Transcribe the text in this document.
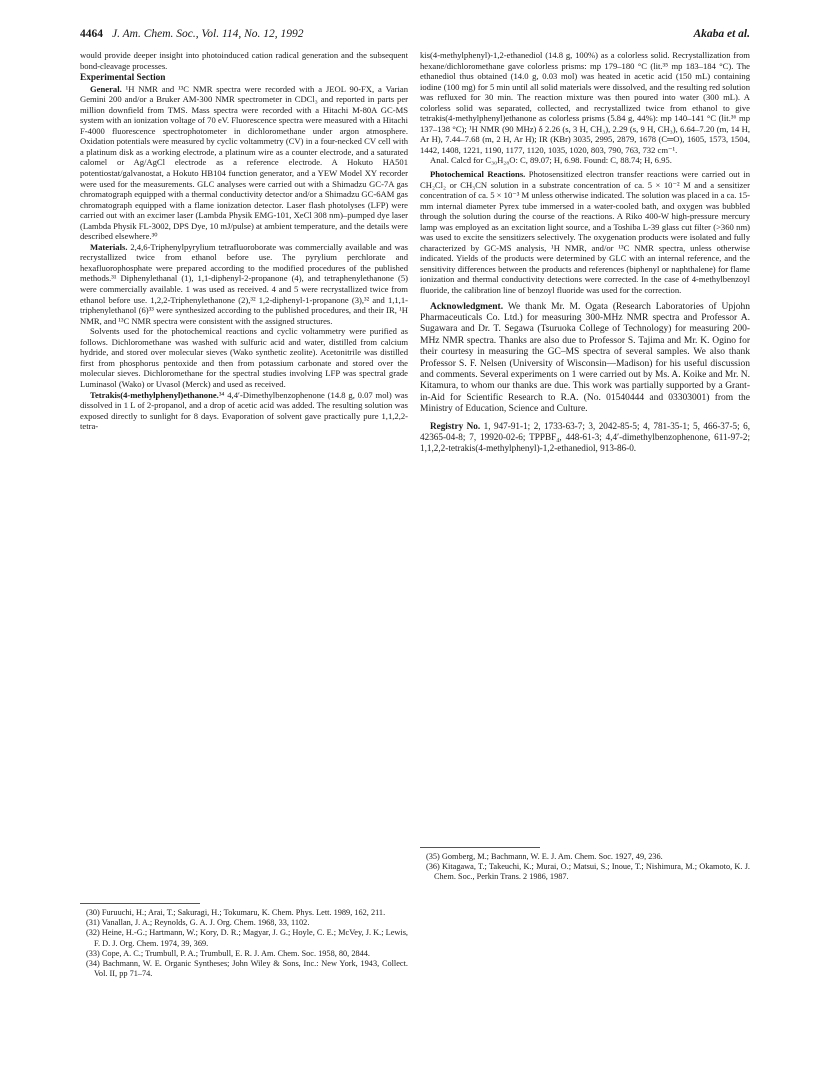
4464 J. Am. Chem. Soc., Vol. 114, No. 12, 1992	Akaba et al.

would provide deeper insight into photoinduced cation radical generation and the subsequent bond-cleavage processes.

Experimental Section

General. ¹H NMR and ¹³C NMR spectra were recorded with a JEOL 90-FX, a Varian Gemini 200 and/or a Bruker AM-300 NMR spectrometer in CDCl₃ and reported in parts per million downfield from TMS. Mass spectra were recorded with a Hitachi M-80A GC-MS system with an ionization voltage of 70 eV. Fluorescence spectra were measured with a Hitachi F-4000 fluorescence spectrophotometer in dichloromethane under argon atmosphere. Oxidation potentials were measured by cyclic voltammetry (CV) in a four-necked CV cell with a platinum disk as a working electrode, a platinum wire as a counter electrode, and a saturated calomel or Ag/AgCl electrode as a reference electrode. A Hokuto HA501 potentiostat/galvanostat, a Hokuto HB104 function generator, and a YEW Model XY recorder were used for the measurements. GLC analyses were carried out with a Shimadzu GC-7A gas chromatograph equipped with a thermal conductivity detector and/or a Shimadzu GC-6AM gas chromatograph equipped with a flame ionization detector. Laser flash photolyses (LFP) were carried out with an excimer laser (Lambda Physik EMG-101, XeCl 308 nm)–pumped dye laser (Lambda Physik FL-3002, DPS Dye, 10 mJ/pulse) at ambient temperature, and the details were described elsewhere.³⁰

Materials. 2,4,6-Triphenylpyrylium tetrafluoroborate was commercially available and was recrystallized twice from ethanol before use. The pyrylium perchlorate and hexafluorophosphate were prepared according to the modified procedures of the published methods.³¹ Diphenylethanal (1), 1,1-diphenyl-2-propanone (4), and tetraphenylethanone (5) were commercially available. 1 was used as received. 4 and 5 were recrystallized twice from ethanol before use. 1,2,2-Triphenylethanone (2),³² 1,2-diphenyl-1-propanone (3),³² and 1,1,1-triphenylethanol (6)³³ were synthesized according to the published procedures, and their IR, ¹H NMR, and ¹³C NMR spectra were consistent with the assigned structures.

Solvents used for the photochemical reactions and cyclic voltammetry were purified as follows. Dichloromethane was washed with sulfuric acid and water, distilled from calcium hydride, and stored over molecular sieves (Wako synthetic zeolite). Acetonitrile was distilled first from phosphorus pentoxide and then from potassium carbonate and stored over the molecular sieves. Dichloromethane for the spectral studies involving LFP was spectral grade Luminasol (Wako) or Uvasol (Merck) and used as received.

Tetrakis(4-methylphenyl)ethanone.³⁴ 4,4′-Dimethylbenzophenone (14.8 g, 0.07 mol) was dissolved in 1 L of 2-propanol, and a drop of acetic acid was added. The resulting solution was exposed directly to sunlight for 8 days. Evaporation of solvent gave practically pure 1,1,2,2-tetra-

kis(4-methylphenyl)-1,2-ethanediol (14.8 g, 100%) as a colorless solid. Recrystallization from hexane/dichloromethane gave colorless prisms: mp 179–180 °C (lit.³⁵ mp 183–184 °C). The ethanediol thus obtained (14.0 g, 0.03 mol) was heated in acetic acid (150 mL) containing iodine (100 mg) for 5 min until all solid materials were dissolved, and the resulting red solution was refluxed for 30 min. The reaction mixture was then poured into water (300 mL). A colorless solid was separated, collected, and recrystallized twice from ethanol to give tetrakis(4-methylphenyl)ethanone as colorless prisms (5.84 g, 44%): mp 140–141 °C (lit.³⁶ mp 137–138 °C); ¹H NMR (90 MHz) δ 2.26 (s, 3 H, CH₃), 2.29 (s, 9 H, CH₃), 6.64–7.20 (m, 14 H, Ar H), 7.44–7.68 (m, 2 H, Ar H); IR (KBr) 3035, 2995, 2879, 1678 (C═O), 1605, 1573, 1504, 1442, 1408, 1221, 1190, 1177, 1120, 1035, 1020, 803, 790, 763, 732 cm⁻¹.

Anal. Calcd for C₃₀H₂₈O: C, 89.07; H, 6.98. Found: C, 88.74; H, 6.95.

Photochemical Reactions. Photosensitized electron transfer reactions were carried out in CH₂Cl₂ or CH₃CN solution in a substrate concentration of ca. 5 × 10⁻² M and a sensitizer concentration of ca. 5 × 10⁻³ M unless otherwise indicated. The solution was placed in a ca. 15-mm internal diameter Pyrex tube immersed in a water-cooled bath, and oxygen was bubbled through the solution during the course of the reactions. A Riko 400-W high-pressure mercury lamp was employed as an excitation light source, and a Toshiba L-39 glass cut filter (>360 nm) was used to excite the sensitizers selectively. The oxygenation products were isolated and fully characterized by GC-MS analysis, ¹H NMR, and/or ¹³C NMR spectra, unless otherwise indicated. Yields of the products were determined by GLC with an internal reference, and the sensitivity differences between the products and references (biphenyl or naphthalene) for flame ionization and thermal conductivity detections were corrected. In the case of 4-methylbenzoyl fluoride, the calibration line of benzoyl fluoride was used for the correction.

Acknowledgment. We thank Mr. M. Ogata (Research Laboratories of Upjohn Pharmaceuticals Co. Ltd.) for measuring 300-MHz NMR spectra and Professor A. Sugawara and Dr. T. Segawa (Tsuruoka College of Technology) for measuring 200-MHz NMR spectra. Thanks are also due to Professor S. Tajima and Mr. K. Ogino for their courtesy in measuring the GC–MS spectra of several samples. We also thank Professor S. F. Nelsen (University of Wisconsin—Madison) for his useful discussion and comments. Several experiments on 1 were carried out by Ms. A. Koike and Mr. N. Kitamura, to whom our thanks are due. This work was partially supported by a Grant-in-Aid for Scientific Research to R.A. (No. 01540444 and 03303001) from the Ministry of Education, Science and Culture.

Registry No. 1, 947-91-1; 2, 1733-63-7; 3, 2042-85-5; 4, 781-35-1; 5, 466-37-5; 6, 42365-04-8; 7, 19920-02-6; TPPBF₄, 448-61-3; 4,4′-dimethylbenzophenone, 611-97-2; 1,1,2,2-tetrakis(4-methylphenyl)-1,2-ethanediol, 913-86-0.

(30) Furuuchi, H.; Arai, T.; Sakuragi, H.; Tokumaru, K. Chem. Phys. Lett. 1989, 162, 211.

(31) Vanallan, J. A.; Reynolds, G. A. J. Org. Chem. 1968, 33, 1102.

(32) Heine, H.-G.; Hartmann, W.; Kory, D. R.; Magyar, J. G.; Hoyle, C. E.; McVey, J. K.; Lewis, F. D. J. Org. Chem. 1974, 39, 369.

(33) Cope, A. C.; Trumbull, P. A.; Trumbull, E. R. J. Am. Chem. Soc. 1958, 80, 2844.

(34) Bachmann, W. E. Organic Syntheses; John Wiley & Sons, Inc.: New York, 1943, Collect. Vol. II, pp 71–74.

(35) Gomberg, M.; Bachmann, W. E. J. Am. Chem. Soc. 1927, 49, 236.

(36) Kitagawa, T.; Takeuchi, K.; Murai, O.; Matsui, S.; Inoue, T.; Nishimura, M.; Okamoto, K. J. Chem. Soc., Perkin Trans. 2 1986, 1987.
